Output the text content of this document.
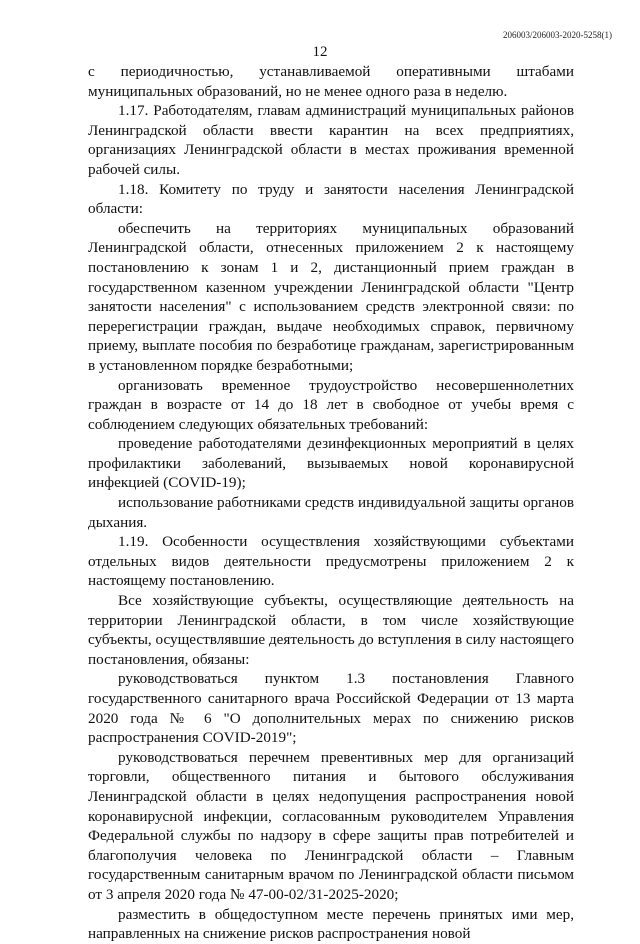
206003/206003-2020-5258(1)
12

с периодичностью, устанавливаемой оперативными штабами муниципальных образований, но не менее одного раза в неделю.

1.17. Работодателям, главам администраций муниципальных районов Ленинградской области ввести карантин на всех предприятиях, организациях Ленинградской области в местах проживания временной рабочей силы.

1.18. Комитету по труду и занятости населения Ленинградской области:

обеспечить на территориях муниципальных образований Ленинградской области, отнесенных приложением 2 к настоящему постановлению к зонам 1 и 2, дистанционный прием граждан в государственном казенном учреждении Ленинградской области "Центр занятости населения" с использованием средств электронной связи: по перерегистрации граждан, выдаче необходимых справок, первичному приему, выплате пособия по безработице гражданам, зарегистрированным в установленном порядке безработными;

организовать временное трудоустройство несовершеннолетних граждан в возрасте от 14 до 18 лет в свободное от учебы время с соблюдением следующих обязательных требований:

проведение работодателями дезинфекционных мероприятий в целях профилактики заболеваний, вызываемых новой коронавирусной инфекцией (COVID-19);

использование работниками средств индивидуальной защиты органов дыхания.

1.19. Особенности осуществления хозяйствующими субъектами отдельных видов деятельности предусмотрены приложением 2 к настоящему постановлению.

Все хозяйствующие субъекты, осуществляющие деятельность на территории Ленинградской области, в том числе хозяйствующие субъекты, осуществлявшие деятельность до вступления в силу настоящего постановления, обязаны:

руководствоваться пунктом 1.3 постановления Главного государственного санитарного врача Российской Федерации от 13 марта 2020 года № 6 "О дополнительных мерах по снижению рисков распространения COVID-2019";

руководствоваться перечнем превентивных мер для организаций торговли, общественного питания и бытового обслуживания Ленинградской области в целях недопущения распространения новой коронавирусной инфекции, согласованным руководителем Управления Федеральной службы по надзору в сфере защиты прав потребителей и благополучия человека по Ленинградской области – Главным государственным санитарным врачом по Ленинградской области письмом от 3 апреля 2020 года № 47-00-02/31-2025-2020;

разместить в общедоступном месте перечень принятых ими мер, направленных на снижение рисков распространения новой
